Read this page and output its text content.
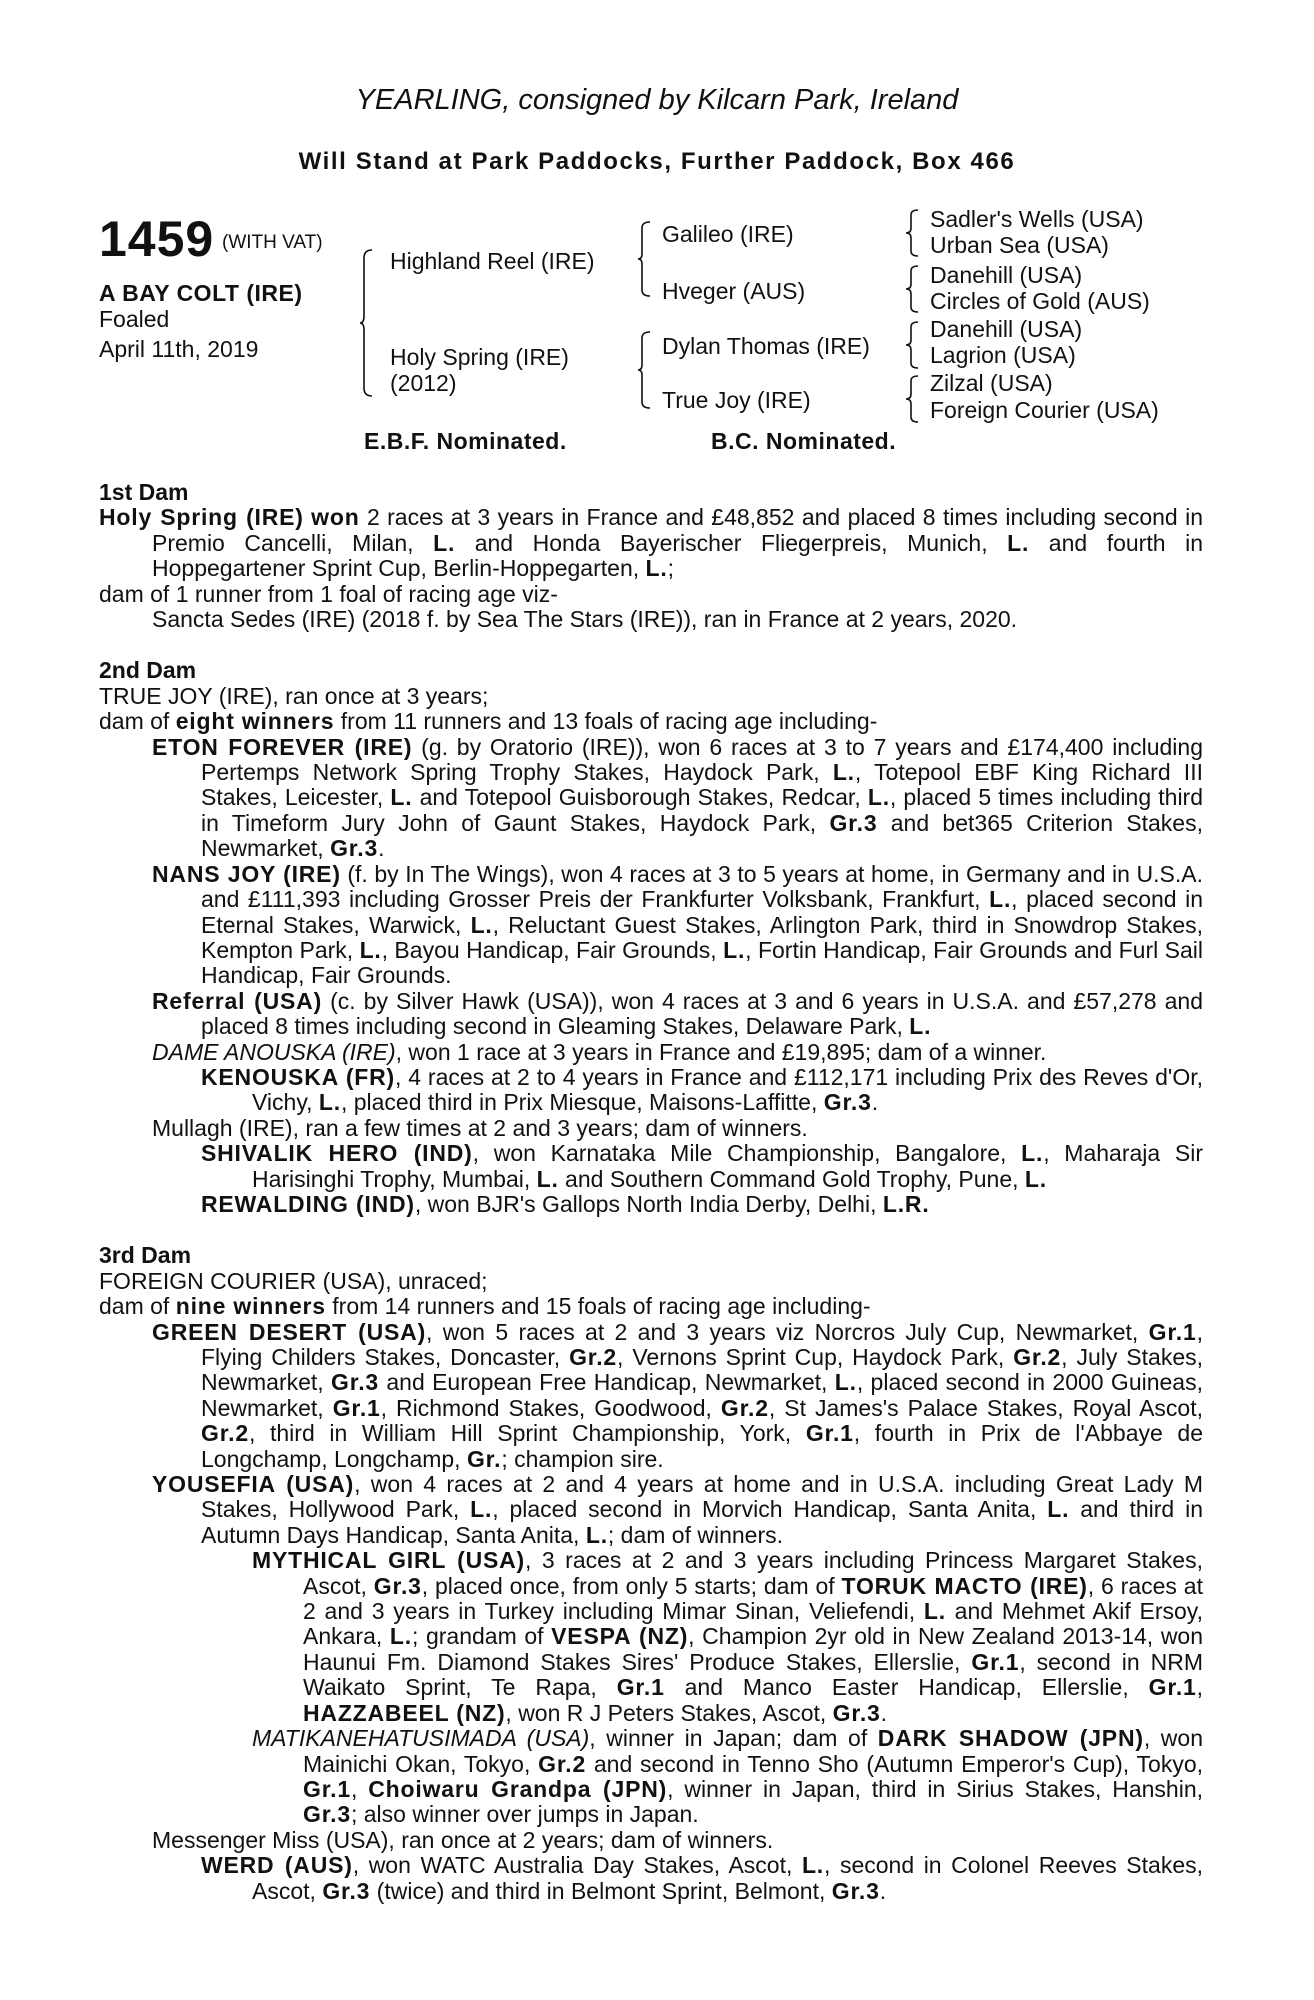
YEARLING, consigned by Kilcarn Park, Ireland
Will Stand at Park Paddocks, Further Paddock, Box 466
1459 (WITH VAT)
A BAY COLT (IRE)
Foaled
April 11th, 2019
Highland Reel (IRE)
Holy Spring (IRE)
(2012)
Galileo (IRE)
Hveger (AUS)
Dylan Thomas (IRE)
True Joy (IRE)
Sadler's Wells (USA)
Urban Sea (USA)
Danehill (USA)
Circles of Gold (AUS)
Danehill (USA)
Lagrion (USA)
Zilzal (USA)
Foreign Courier (USA)
E.B.F. Nominated.	B.C. Nominated.
1st Dam
Holy Spring (IRE) won 2 races at 3 years in France and £48,852 and placed 8 times including second in Premio Cancelli, Milan, L. and Honda Bayerischer Fliegerpreis, Munich, L. and fourth in Hoppegartener Sprint Cup, Berlin-Hoppegarten, L.;
dam of 1 runner from 1 foal of racing age viz-
Sancta Sedes (IRE) (2018 f. by Sea The Stars (IRE)), ran in France at 2 years, 2020.
2nd Dam
TRUE JOY (IRE), ran once at 3 years;
dam of eight winners from 11 runners and 13 foals of racing age including-
ETON FOREVER (IRE) (g. by Oratorio (IRE)), won 6 races at 3 to 7 years and £174,400 including Pertemps Network Spring Trophy Stakes, Haydock Park, L., Totepool EBF King Richard III Stakes, Leicester, L. and Totepool Guisborough Stakes, Redcar, L., placed 5 times including third in Timeform Jury John of Gaunt Stakes, Haydock Park, Gr.3 and bet365 Criterion Stakes, Newmarket, Gr.3.
NANS JOY (IRE) (f. by In The Wings), won 4 races at 3 to 5 years at home, in Germany and in U.S.A. and £111,393 including Grosser Preis der Frankfurter Volksbank, Frankfurt, L., placed second in Eternal Stakes, Warwick, L., Reluctant Guest Stakes, Arlington Park, third in Snowdrop Stakes, Kempton Park, L., Bayou Handicap, Fair Grounds, L., Fortin Handicap, Fair Grounds and Furl Sail Handicap, Fair Grounds.
Referral (USA) (c. by Silver Hawk (USA)), won 4 races at 3 and 6 years in U.S.A. and £57,278 and placed 8 times including second in Gleaming Stakes, Delaware Park, L.
DAME ANOUSKA (IRE), won 1 race at 3 years in France and £19,895; dam of a winner.
KENOUSKA (FR), 4 races at 2 to 4 years in France and £112,171 including Prix des Reves d'Or, Vichy, L., placed third in Prix Miesque, Maisons-Laffitte, Gr.3.
Mullagh (IRE), ran a few times at 2 and 3 years; dam of winners.
SHIVALIK HERO (IND), won Karnataka Mile Championship, Bangalore, L., Maharaja Sir Harisinghi Trophy, Mumbai, L. and Southern Command Gold Trophy, Pune, L.
REWALDING (IND), won BJR's Gallops North India Derby, Delhi, L.R.
3rd Dam
FOREIGN COURIER (USA), unraced;
dam of nine winners from 14 runners and 15 foals of racing age including-
GREEN DESERT (USA), won 5 races at 2 and 3 years viz Norcros July Cup, Newmarket, Gr.1, Flying Childers Stakes, Doncaster, Gr.2, Vernons Sprint Cup, Haydock Park, Gr.2, July Stakes, Newmarket, Gr.3 and European Free Handicap, Newmarket, L., placed second in 2000 Guineas, Newmarket, Gr.1, Richmond Stakes, Goodwood, Gr.2, St James's Palace Stakes, Royal Ascot, Gr.2, third in William Hill Sprint Championship, York, Gr.1, fourth in Prix de l'Abbaye de Longchamp, Longchamp, Gr.; champion sire.
YOUSEFIA (USA), won 4 races at 2 and 4 years at home and in U.S.A. including Great Lady M Stakes, Hollywood Park, L., placed second in Morvich Handicap, Santa Anita, L. and third in Autumn Days Handicap, Santa Anita, L.; dam of winners.
MYTHICAL GIRL (USA), 3 races at 2 and 3 years including Princess Margaret Stakes, Ascot, Gr.3, placed once, from only 5 starts; dam of TORUK MACTO (IRE), 6 races at 2 and 3 years in Turkey including Mimar Sinan, Veliefendi, L. and Mehmet Akif Ersoy, Ankara, L.; grandam of VESPA (NZ), Champion 2yr old in New Zealand 2013-14, won Haunui Fm. Diamond Stakes Sires' Produce Stakes, Ellerslie, Gr.1, second in NRM Waikato Sprint, Te Rapa, Gr.1 and Manco Easter Handicap, Ellerslie, Gr.1, HAZZABEEL (NZ), won R J Peters Stakes, Ascot, Gr.3.
MATIKANEHATUSIMADA (USA), winner in Japan; dam of DARK SHADOW (JPN), won Mainichi Okan, Tokyo, Gr.2 and second in Tenno Sho (Autumn Emperor's Cup), Tokyo, Gr.1, Choiwaru Grandpa (JPN), winner in Japan, third in Sirius Stakes, Hanshin, Gr.3; also winner over jumps in Japan.
Messenger Miss (USA), ran once at 2 years; dam of winners.
WERD (AUS), won WATC Australia Day Stakes, Ascot, L., second in Colonel Reeves Stakes, Ascot, Gr.3 (twice) and third in Belmont Sprint, Belmont, Gr.3.
